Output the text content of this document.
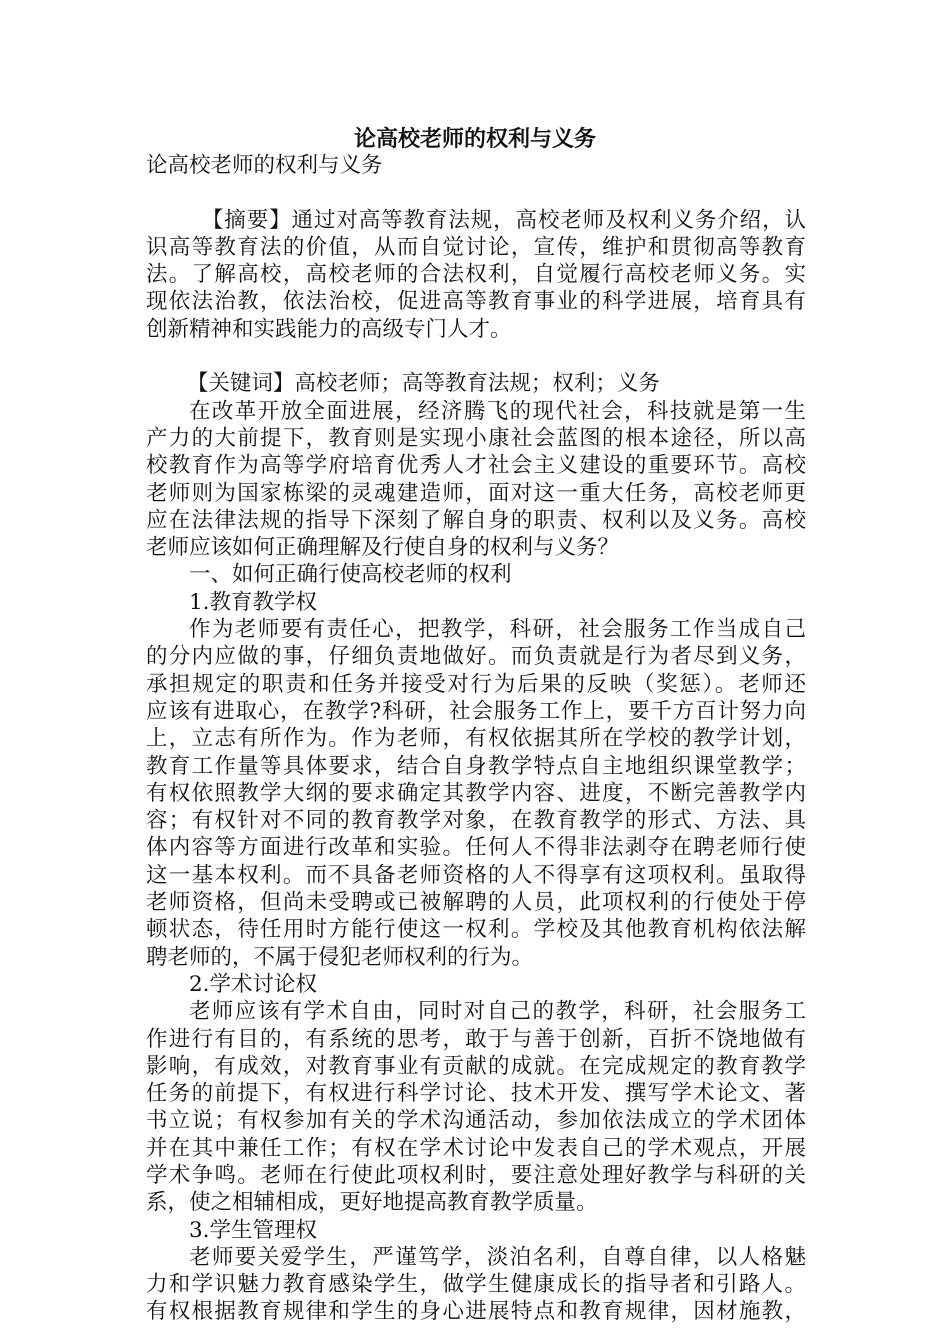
论高校老师的权利与义务
论高校老师的权利与义务
【摘要】通过对高等教育法规，高校老师及权利义务介绍，认
识高等教育法的价值，从而自觉讨论，宣传，维护和贯彻高等教育
法。了解高校，高校老师的合法权利，自觉履行高校老师义务。实
现依法治教，依法治校，促进高等教育事业的科学进展，培育具有
创新精神和实践能力的高级专门人才。
【关键词】高校老师；高等教育法规；权利；义务
在改革开放全面进展，经济腾飞的现代社会，科技就是第一生
产力的大前提下，教育则是实现小康社会蓝图的根本途径，所以高
校教育作为高等学府培育优秀人才社会主义建设的重要环节。高校
老师则为国家栋梁的灵魂建造师，面对这一重大任务，高校老师更
应在法律法规的指导下深刻了解自身的职责、权利以及义务。高校
老师应该如何正确理解及行使自身的权利与义务？
一、如何正确行使高校老师的权利
1.教育教学权
作为老师要有责任心，把教学，科研，社会服务工作当成自己
的分内应做的事，仔细负责地做好。而负责就是行为者尽到义务，
承担规定的职责和任务并接受对行为后果的反映（奖惩）。老师还
应该有进取心，在教学?科研，社会服务工作上，要千方百计努力向
上，立志有所作为。作为老师，有权依据其所在学校的教学计划，
教育工作量等具体要求，结合自身教学特点自主地组织课堂教学；
有权依照教学大纲的要求确定其教学内容、进度，不断完善教学内
容；有权针对不同的教育教学对象，在教育教学的形式、方法、具
体内容等方面进行改革和实验。任何人不得非法剥夺在聘老师行使
这一基本权利。而不具备老师资格的人不得享有这项权利。虽取得
老师资格，但尚未受聘或已被解聘的人员，此项权利的行使处于停
顿状态，待任用时方能行使这一权利。学校及其他教育机构依法解
聘老师的，不属于侵犯老师权利的行为。
2.学术讨论权
老师应该有学术自由，同时对自己的教学，科研，社会服务工
作进行有目的，有系统的思考，敢于与善于创新，百折不饶地做有
影响，有成效，对教育事业有贡献的成就。在完成规定的教育教学
任务的前提下，有权进行科学讨论、技术开发、撰写学术论文、著
书立说；有权参加有关的学术沟通活动，参加依法成立的学术团体
并在其中兼任工作；有权在学术讨论中发表自己的学术观点，开展
学术争鸣。老师在行使此项权利时，要注意处理好教学与科研的关
系，使之相辅相成，更好地提高教育教学质量。
3.学生管理权
老师要关爱学生，严谨笃学，淡泊名利，自尊自律，以人格魅
力和学识魅力教育感染学生，做学生健康成长的指导者和引路人。
有权根据教育规律和学生的身心进展特点和教育规律，因材施教，
